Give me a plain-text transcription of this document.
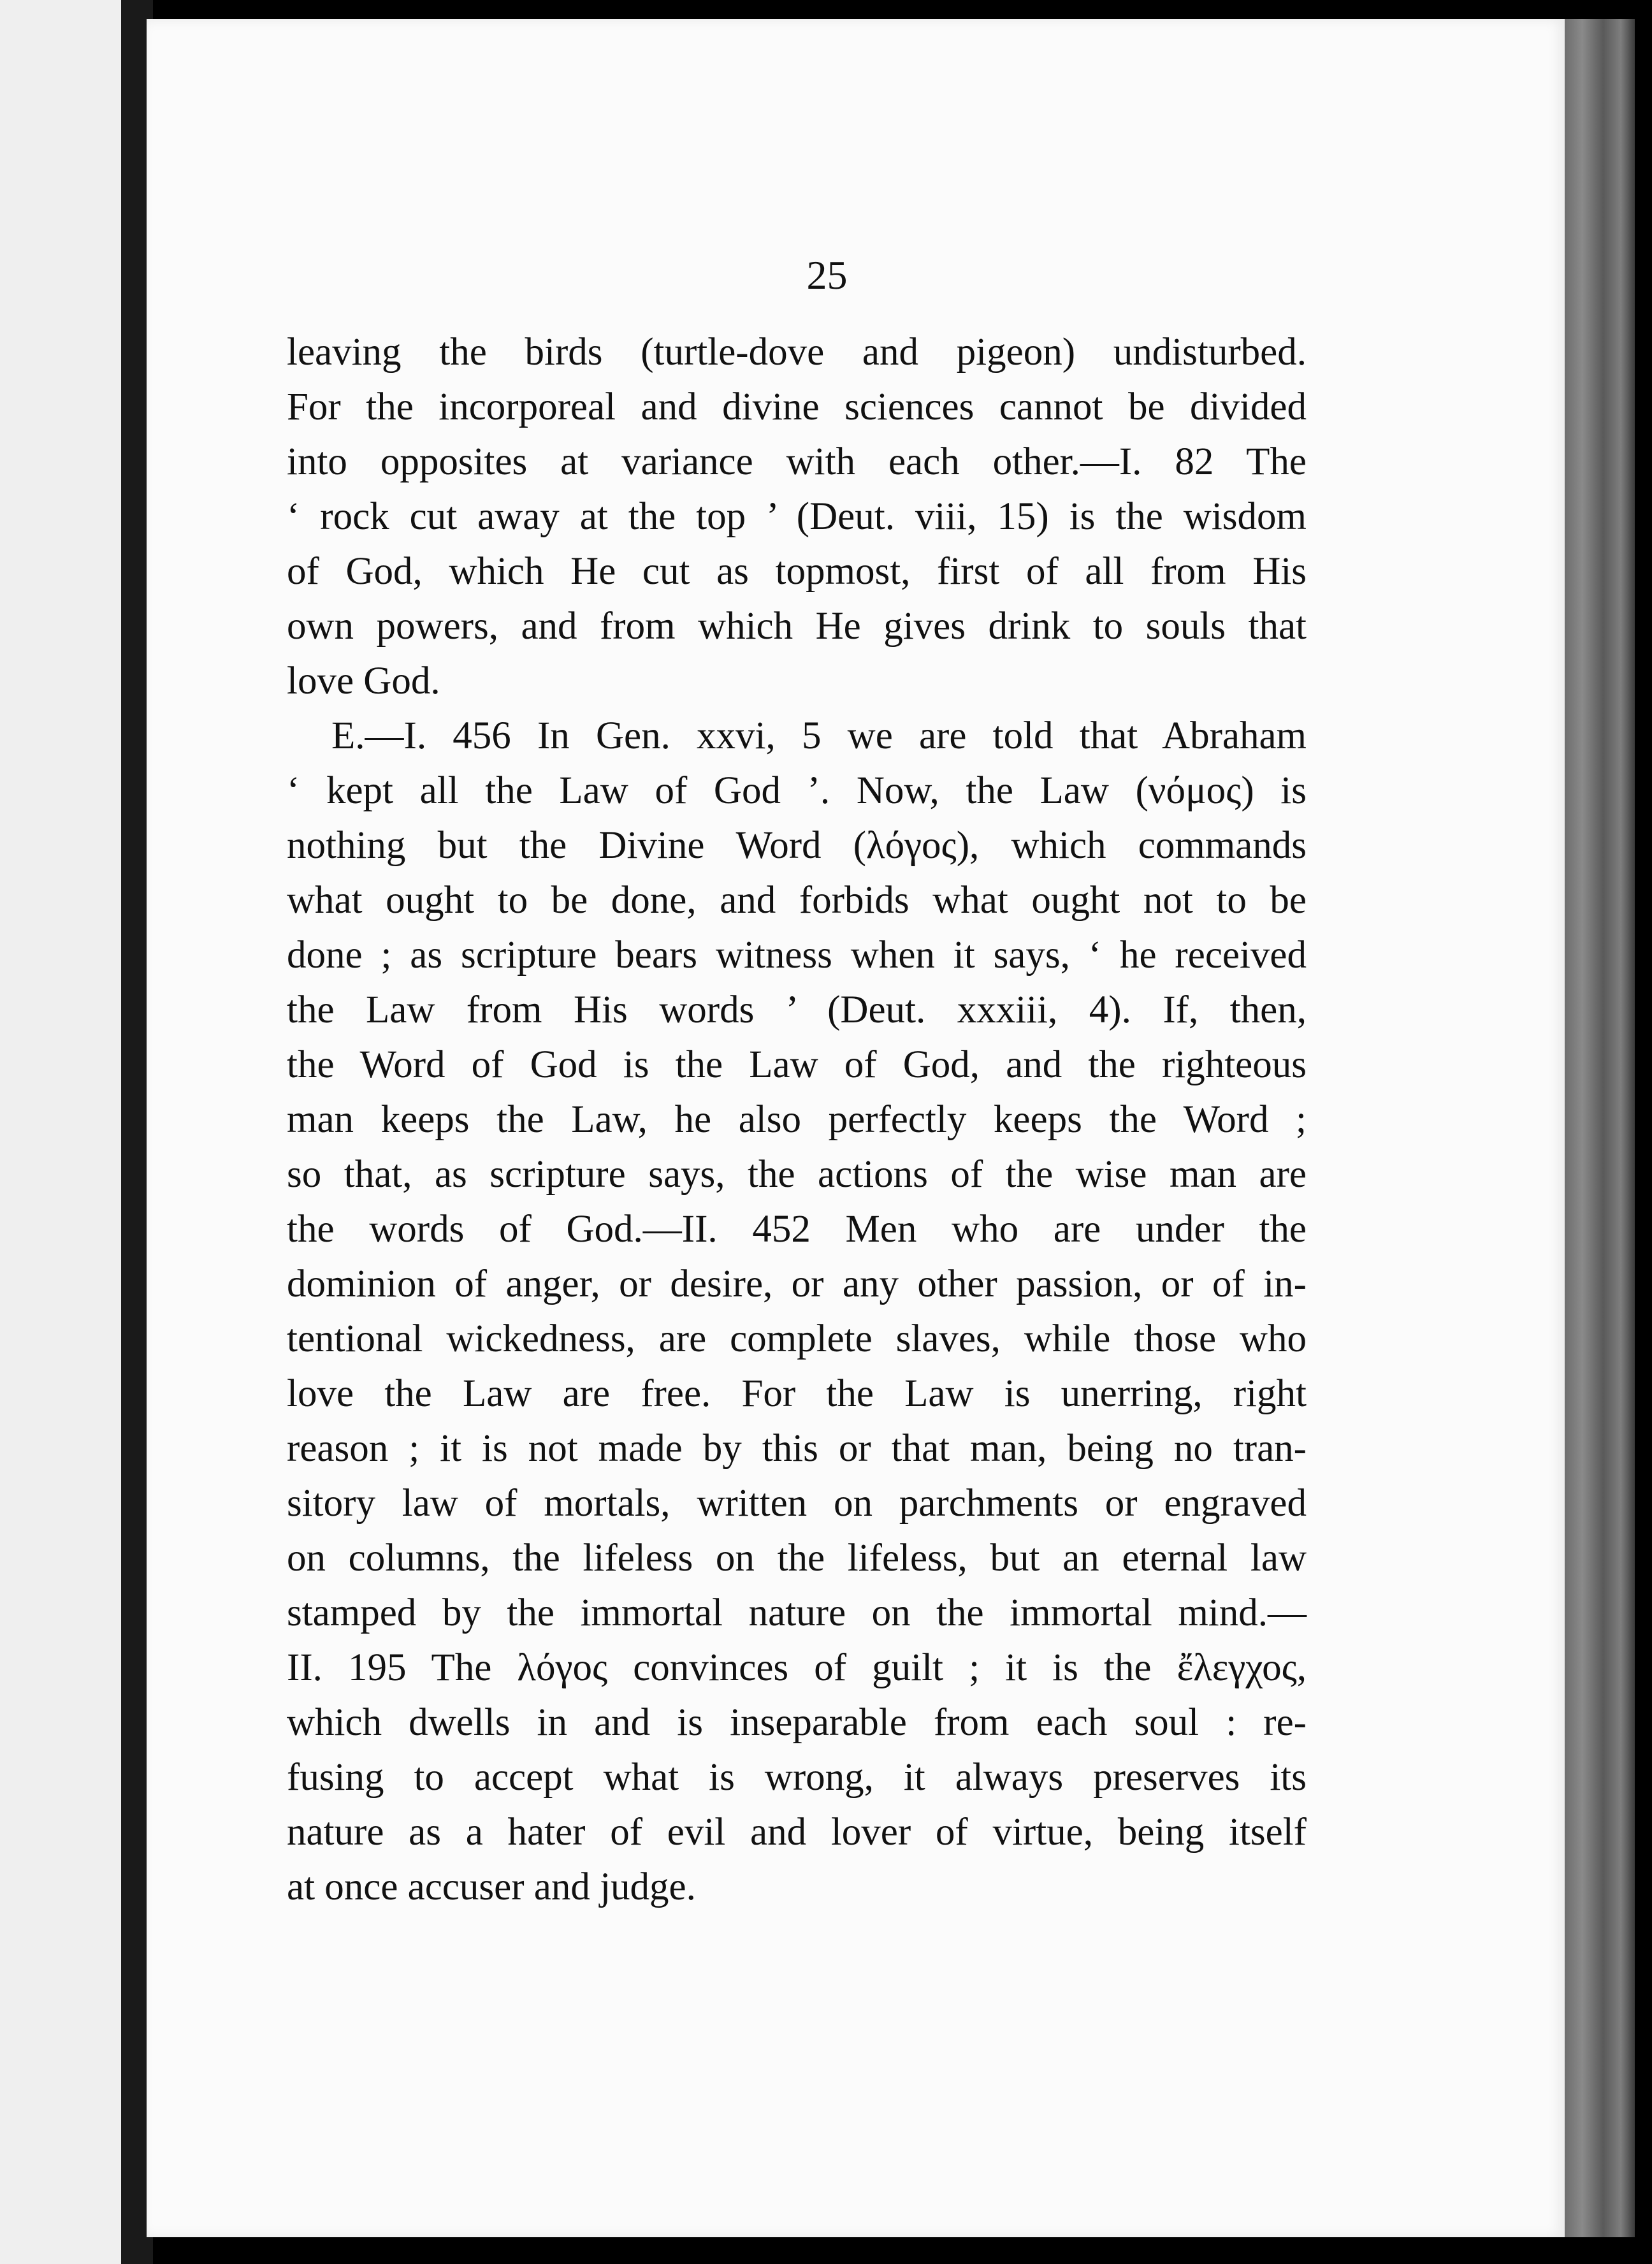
25
leaving the birds (turtle-dove and pigeon) undisturbed.
For the incorporeal and divine sciences cannot be divided
into opposites at variance with each other.—I. 82 The
‘ rock cut away at the top ’ (Deut. viii, 15) is the wisdom
of God, which He cut as topmost, first of all from His
own powers, and from which He gives drink to souls that
love God.
E.—I. 456 In Gen. xxvi, 5 we are told that Abraham
‘ kept all the Law of God ’. Now, the Law (νόμος) is
nothing but the Divine Word (λόγος), which commands
what ought to be done, and forbids what ought not to be
done ; as scripture bears witness when it says, ‘ he received
the Law from His words ’ (Deut. xxxiii, 4). If, then,
the Word of God is the Law of God, and the righteous
man keeps the Law, he also perfectly keeps the Word ;
so that, as scripture says, the actions of the wise man are
the words of God.—II. 452 Men who are under the
dominion of anger, or desire, or any other passion, or of in-
tentional wickedness, are complete slaves, while those who
love the Law are free. For the Law is unerring, right
reason ; it is not made by this or that man, being no tran-
sitory law of mortals, written on parchments or engraved
on columns, the lifeless on the lifeless, but an eternal law
stamped by the immortal nature on the immortal mind.—
II. 195 The λόγος convinces of guilt ; it is the ἔλεγχος,
which dwells in and is inseparable from each soul : re-
fusing to accept what is wrong, it always preserves its
nature as a hater of evil and lover of virtue, being itself
at once accuser and judge.
